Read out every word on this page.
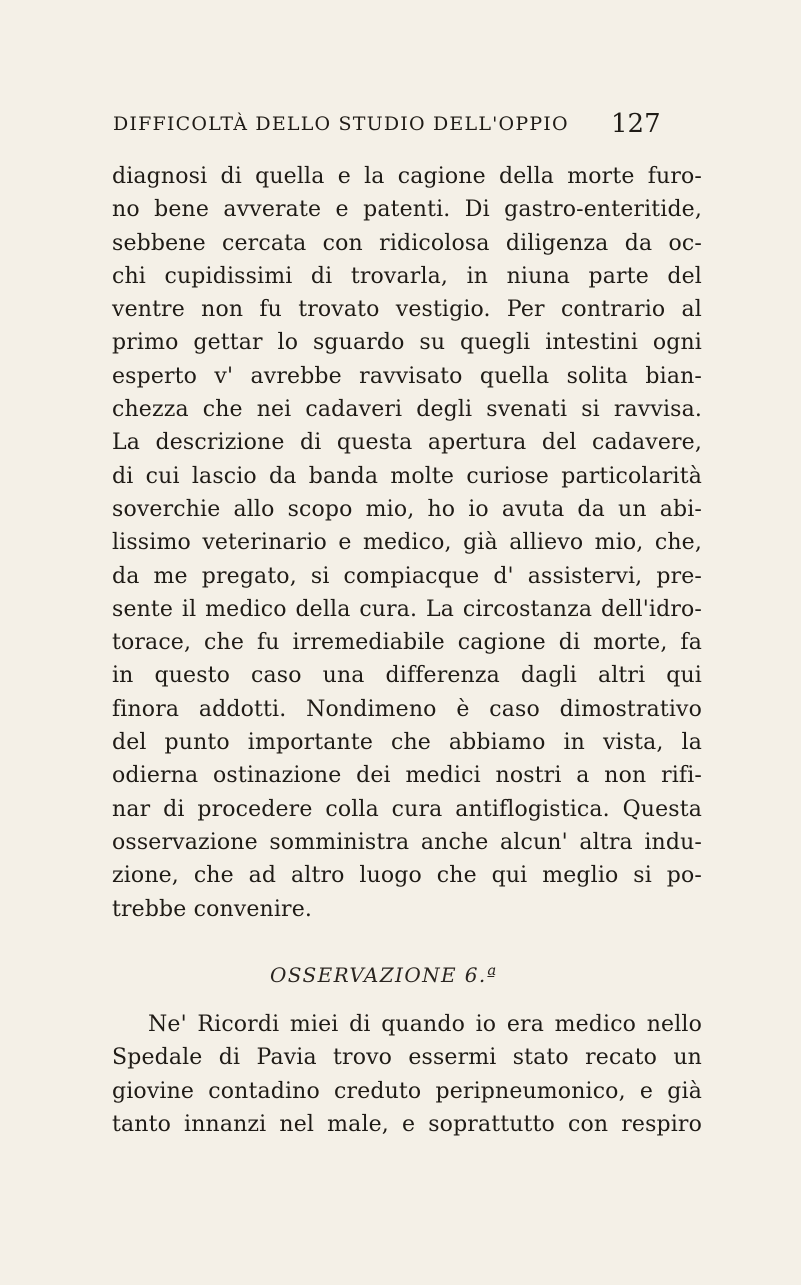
DIFFICOLTÀ DELLO STUDIO DELL'OPPIO 127
diagnosi di quella e la cagione della morte furo-
no bene avverate e patenti. Di gastro-enteritide,
sebbene cercata con ridicolosa diligenza da oc-
chi cupidissimi di trovarla, in niuna parte del
ventre non fu trovato vestigio. Per contrario al
primo gettar lo sguardo su quegli intestini ogni
esperto v' avrebbe ravvisato quella solita bian-
chezza che nei cadaveri degli svenati si ravvisa.
La descrizione di questa apertura del cadavere,
di cui lascio da banda molte curiose particolarità
soverchie allo scopo mio, ho io avuta da un abi-
lissimo veterinario e medico, già allievo mio, che,
da me pregato, si compiacque d' assistervi, pre-
sente il medico della cura. La circostanza dell'idro-
torace, che fu irremediabile cagione di morte, fa
in questo caso una differenza dagli altri qui
finora addotti. Nondimeno è caso dimostrativo
del punto importante che abbiamo in vista, la
odierna ostinazione dei medici nostri a non rifi-
nar di procedere colla cura antiflogistica. Questa
osservazione somministra anche alcun' altra indu-
zione, che ad altro luogo che qui meglio si po-
trebbe convenire.
OSSERVAZIONE 6.ª
Ne' Ricordi miei di quando io era medico nello
Spedale di Pavia trovo essermi stato recato un
giovine contadino creduto peripneumonico, e già
tanto innanzi nel male, e soprattutto con respiro
